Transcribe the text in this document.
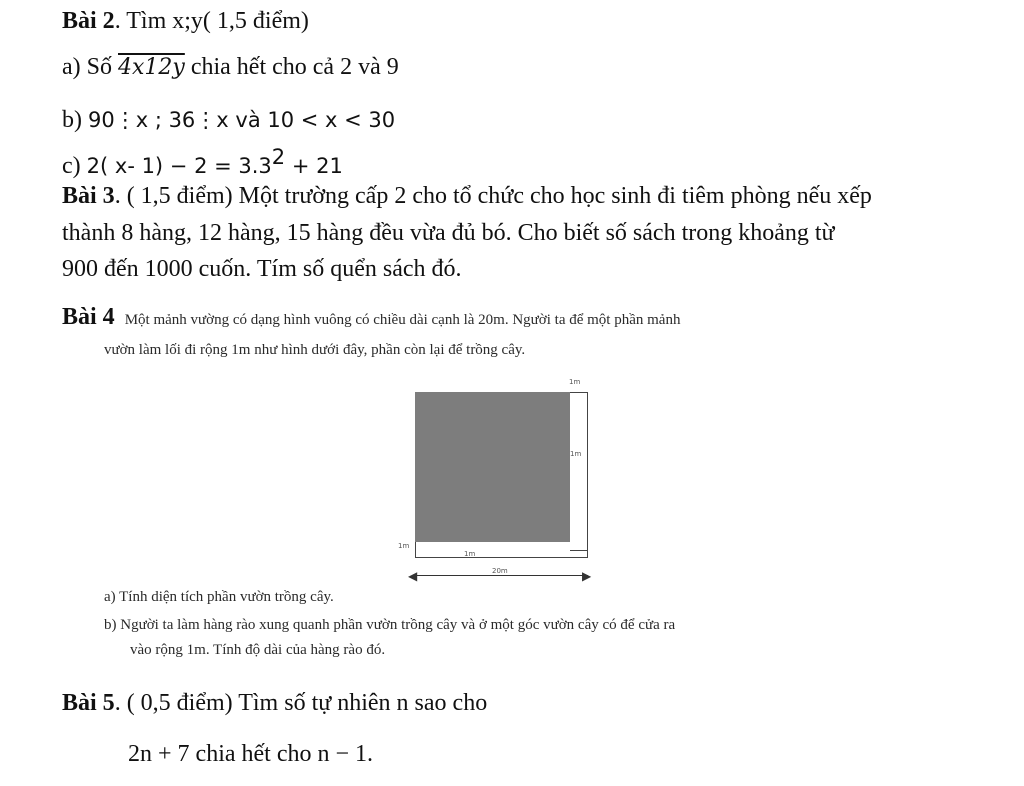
Bài 2. Tìm x;y( 1,5 điểm)
a) Số 4x12y chia hết cho cả 2 và 9
b) 90⋮x ; 36⋮x và 10 < x < 30
c) 2( x- $1) - 2 = 3.3^2 + 21$
Bài 3. ( 1,5 điểm) Một trường cấp 2 cho tổ chức cho học sinh đi tiêm phòng nếu xếp
thành 8 hàng, 12 hàng, 15 hàng đều vừa đủ bó. Cho biết số sách trong khoảng từ
900 đến 1000 cuốn. Tím số quển sách đó.
Bài 4 Một mảnh vường có dạng hình vuông có chiều dài cạnh là 20m. Người ta để một phần mảnh
vườn làm lối đi rộng 1m như hình dưới đây, phần còn lại để trồng cây.
1m
1m
1m
1m
◀	▶
20m
a) Tính diện tích phần vườn trồng cây.
b) Người ta làm hàng rào xung quanh phần vườn trồng cây và ở một góc vườn cây có để cửa ra
vào rộng 1m. Tính độ dài của hàng rào đó.
Bài 5. ( 0,5 điểm) Tìm số tự nhiên n sao cho
2n + 7 chia hết cho n − 1.
